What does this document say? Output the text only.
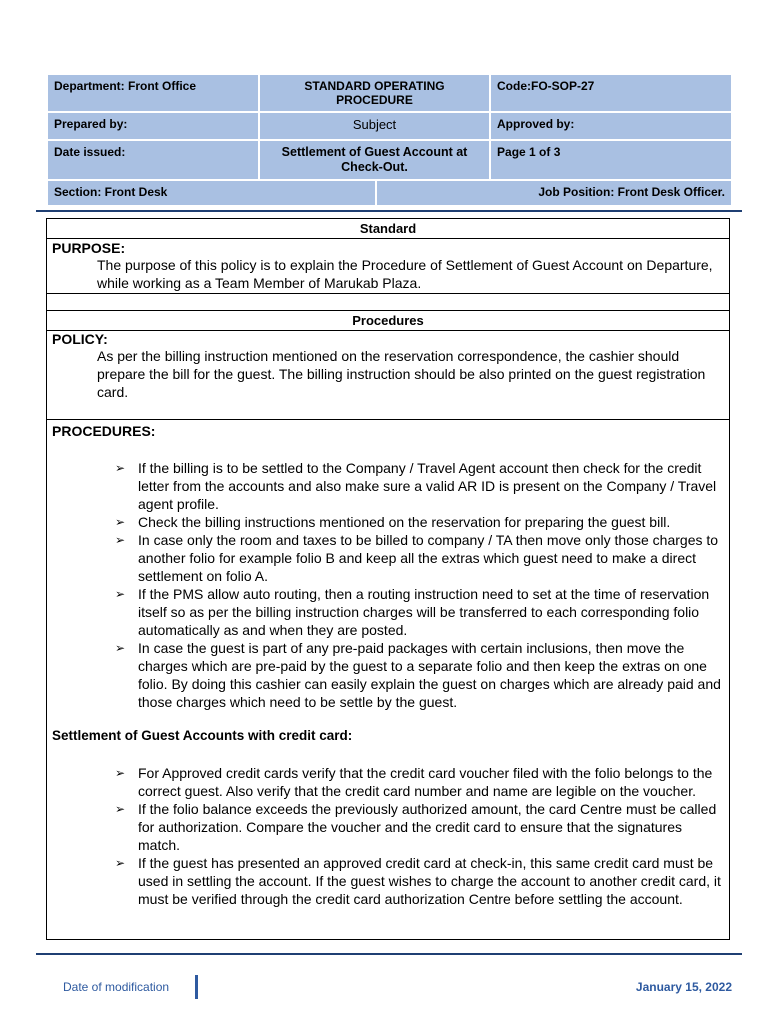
Department: Front Office	STANDARD OPERATING PROCEDURE		Code:FO-SOP-27
Prepared by:	Subject		Approved by:
Date issued:	Settlement of Guest Account at Check-Out.		Page 1 of 3
Section: Front Desk		Job Position: Front Desk Officer.	
Standard
PURPOSE:
The purpose of this policy is to explain the Procedure of Settlement of Guest Account on Departure, while working as a Team Member of Marukab Plaza.
Procedures
POLICY:
As per the billing instruction mentioned on the reservation correspondence, the cashier should prepare the bill for the guest. The billing instruction should be also printed on the guest registration card.
PROCEDURES:
➢ If the billing is to be settled to the Company / Travel Agent account then check for the credit letter from the accounts and also make sure a valid AR ID is present on the Company / Travel agent profile.
➢ Check the billing instructions mentioned on the reservation for preparing the guest bill.
➢ In case only the room and taxes to be billed to company / TA then move only those charges to another folio for example folio B and keep all the extras which guest need to make a direct settlement on folio A.
➢ If the PMS allow auto routing, then a routing instruction need to set at the time of reservation itself so as per the billing instruction charges will be transferred to each corresponding folio automatically as and when they are posted.
➢ In case the guest is part of any pre-paid packages with certain inclusions, then move the charges which are pre-paid by the guest to a separate folio and then keep the extras on one folio. By doing this cashier can easily explain the guest on charges which are already paid and those charges which need to be settle by the guest.
Settlement of Guest Accounts with credit card:
➢ For Approved credit cards verify that the credit card voucher filed with the folio belongs to the correct guest. Also verify that the credit card number and name are legible on the voucher.
➢ If the folio balance exceeds the previously authorized amount, the card Centre must be called for authorization. Compare the voucher and the credit card to ensure that the signatures match.
➢ If the guest has presented an approved credit card at check-in, this same credit card must be used in settling the account. If the guest wishes to charge the account to another credit card, it must be verified through the credit card authorization Centre before settling the account.
Date of modification	January 15, 2022
